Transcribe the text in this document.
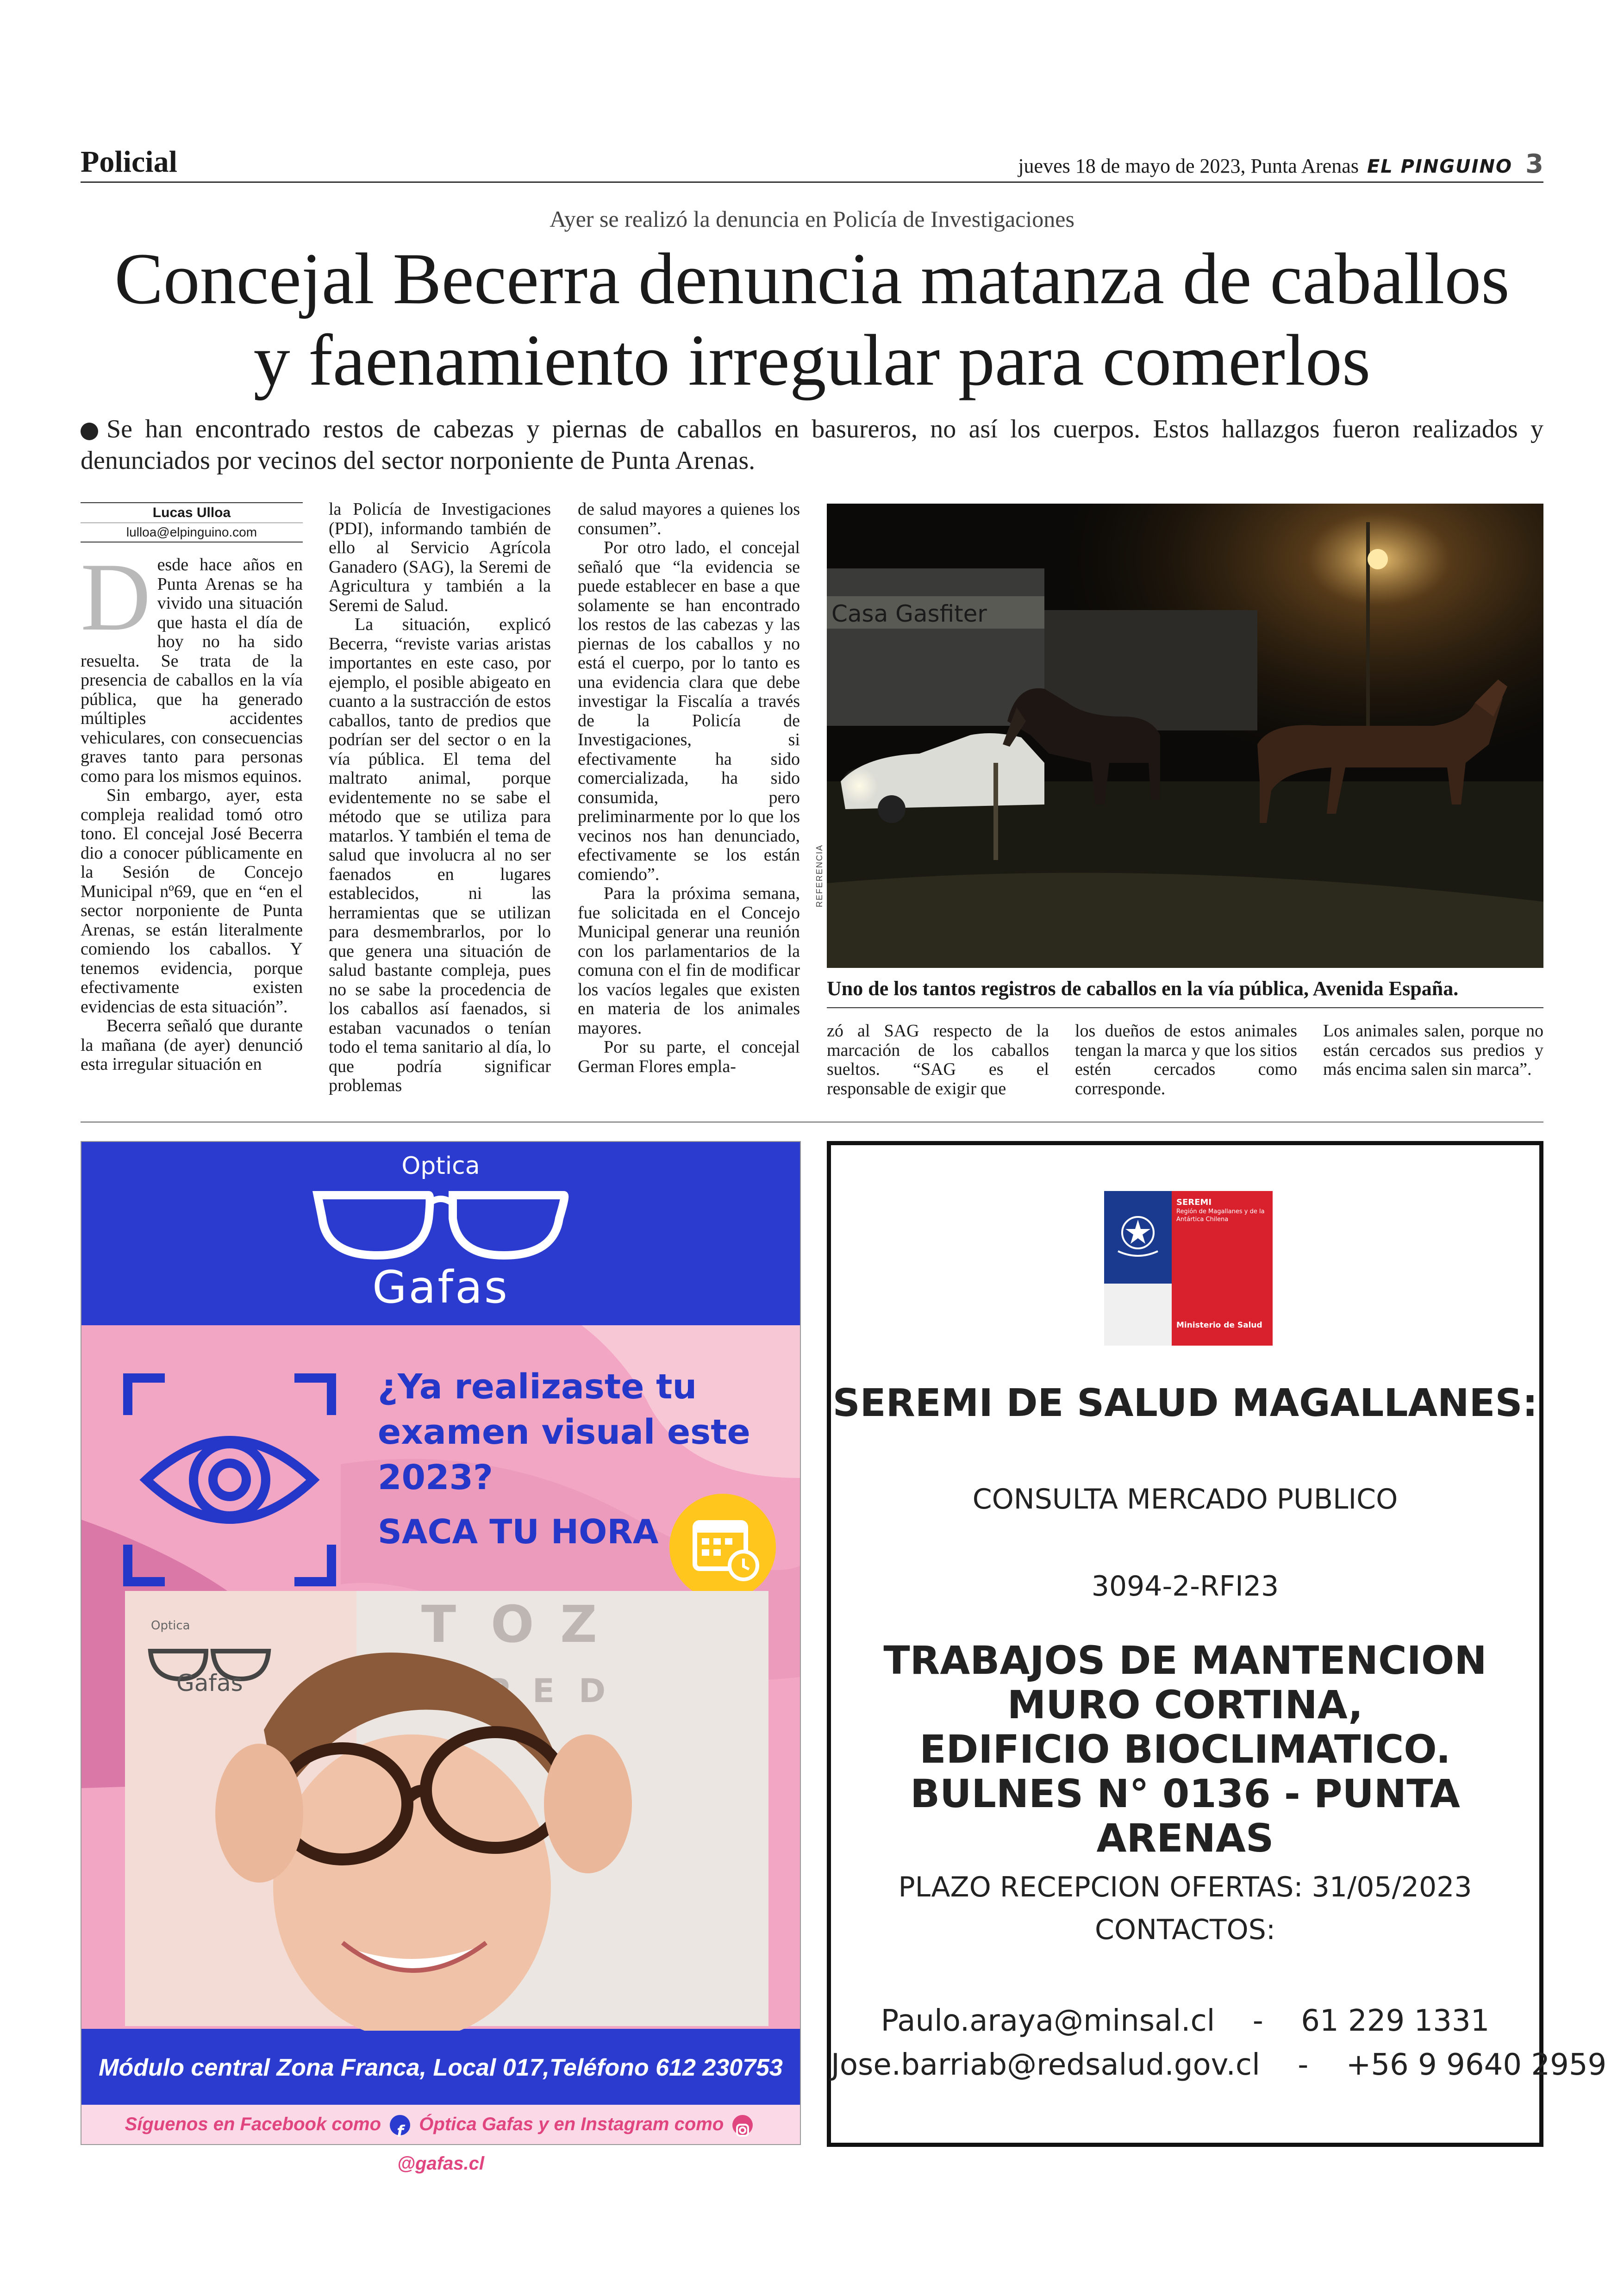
Policial	jueves 18 de mayo de 2023, Punta Arenas EL PINGUINO 3
Ayer se realizó la denuncia en Policía de Investigaciones
Concejal Becerra denuncia matanza de caballos
y faenamiento irregular para comerlos
Se han encontrado restos de cabezas y piernas de caballos en basureros, no así los cuerpos. Estos hallazgos fueron realizados y denunciados por vecinos del sector norponiente de Punta Arenas.
Lucas Ulloa
lulloa@elpinguino.com

Desde hace años en Punta Arenas se ha vivido una situación que hasta el día de hoy no ha sido resuelta. Se trata de la presencia de caballos en la vía pública, que ha generado múltiples accidentes vehiculares, con consecuencias graves tanto para personas como para los mismos equinos.

Sin embargo, ayer, esta compleja realidad tomó otro tono. El concejal José Becerra dio a conocer públicamente en la Sesión de Concejo Municipal nº69, que en “en el sector norponiente de Punta Arenas, se están literalmente comiendo los caballos. Y tenemos evidencia, porque efectivamente existen evidencias de esta situación”.

Becerra señaló que durante la mañana (de ayer) denunció esta irregular situación en

la Policía de Investigaciones (PDI), informando también de ello al Servicio Agrícola Ganadero (SAG), la Seremi de Agricultura y también a la Seremi de Salud.

La situación, explicó Becerra, “reviste varias aristas importantes en este caso, por ejemplo, el posible abigeato en cuanto a la sustracción de estos caballos, tanto de predios que podrían ser del sector o en la vía pública. El tema del maltrato animal, porque evidentemente no se sabe el método que se utiliza para matarlos. Y también el tema de salud que involucra al no ser faenados en lugares establecidos, ni las herramientas que se utilizan para desmembrarlos, por lo que genera una situación de salud bastante compleja, pues no se sabe la procedencia de los caballos así faenados, si estaban vacunados o tenían todo el tema sanitario al día, lo que podría significar problemas

de salud mayores a quienes los consumen”.

Por otro lado, el concejal señaló que “la evidencia se puede establecer en base a que solamente se han encontrado los restos de las cabezas y las piernas de los caballos y no está el cuerpo, por lo tanto es una evidencia clara que debe investigar la Fiscalía a través de la Policía de Investigaciones, si efectivamente ha sido comercializada, ha sido consumida, pero preliminarmente por lo que los vecinos nos han denunciado, efectivamente se los están comiendo”.

Para la próxima semana, fue solicitada en el Concejo Municipal generar una reunión con los parlamentarios de la comuna con el fin de modificar los vacíos legales que existen en materia de los animales mayores.

Por su parte, el concejal German Flores empla-

zó al SAG respecto de la marcación de los caballos sueltos. “SAG es el responsable de exigir que

los dueños de estos animales tengan la marca y que los sitios estén cercados como corresponde.

Los animales salen, porque no están cercados sus predios y más encima salen sin marca”.

Casa Gasfiter
REFERENCIA
Uno de los tantos registros de caballos en la vía pública, Avenida España.
Optica
Gafas
¿Ya realizaste tu examen visual este 2023?
SACA TU HORA
T O Z
E D
Optica
Gafas
Módulo central Zona Franca, Local 017,Teléfono 612 230753
Síguenos en Facebook como f Óptica Gafas y en Instagram como  @gafas.cl
SEREMI
Región de Magallanes y de la Antártica Chilena
Ministerio de Salud
SEREMI DE SALUD MAGALLANES:
CONSULTA MERCADO PUBLICO
3094-2-RFI23
TRABAJOS DE MANTENCION
MURO CORTINA,
EDIFICIO BIOCLIMATICO.
BULNES N° 0136 - PUNTA ARENAS
PLAZO RECEPCION OFERTAS: 31/05/2023
CONTACTOS:
Paulo.araya@minsal.cl    -    61 229 1331
Jose.barriab@redsalud.gov.cl    -    +56 9 9640 2959
